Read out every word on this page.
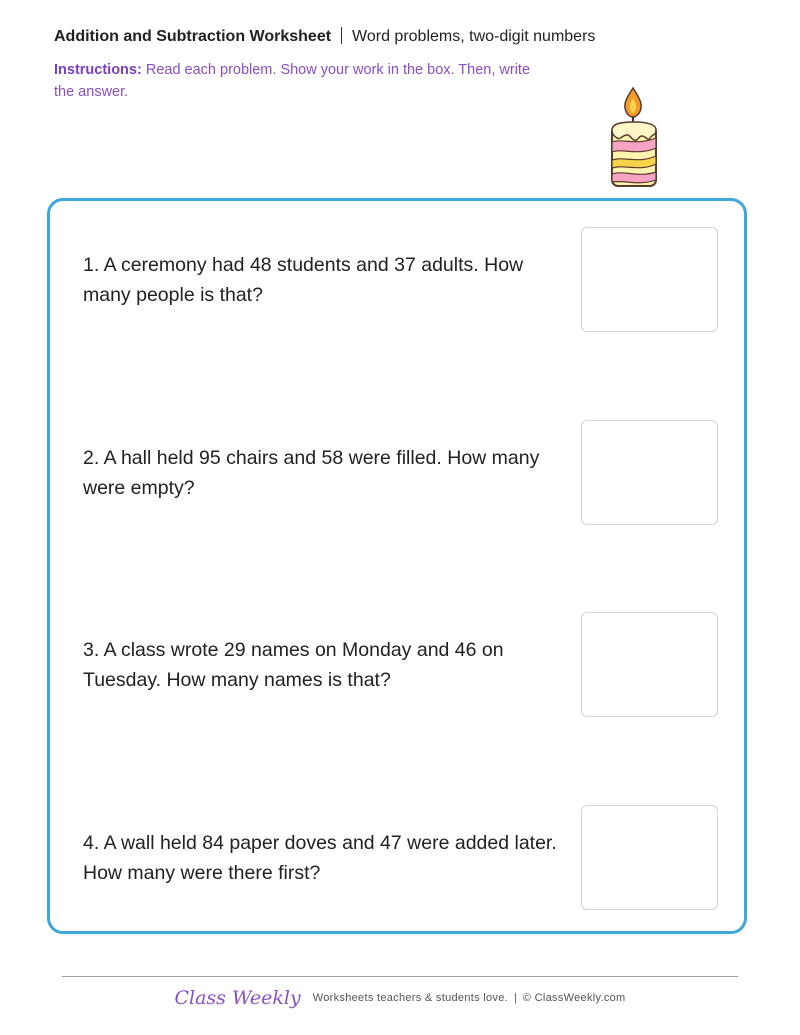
Addition and Subtraction Worksheet Word problems, two-digit numbers
Instructions: Read each problem. Show your work in the box. Then, write the answer.
1. A ceremony had 48 students and 37 adults. How many people is that?
2. A hall held 95 chairs and 58 were filled. How many were empty?
3. A class wrote 29 names on Monday and 46 on Tuesday. How many names is that?
4. A wall held 84 paper doves and 47 were added later. How many were there first?
Class Weekly Worksheets teachers & students love. | © ClassWeekly.com
